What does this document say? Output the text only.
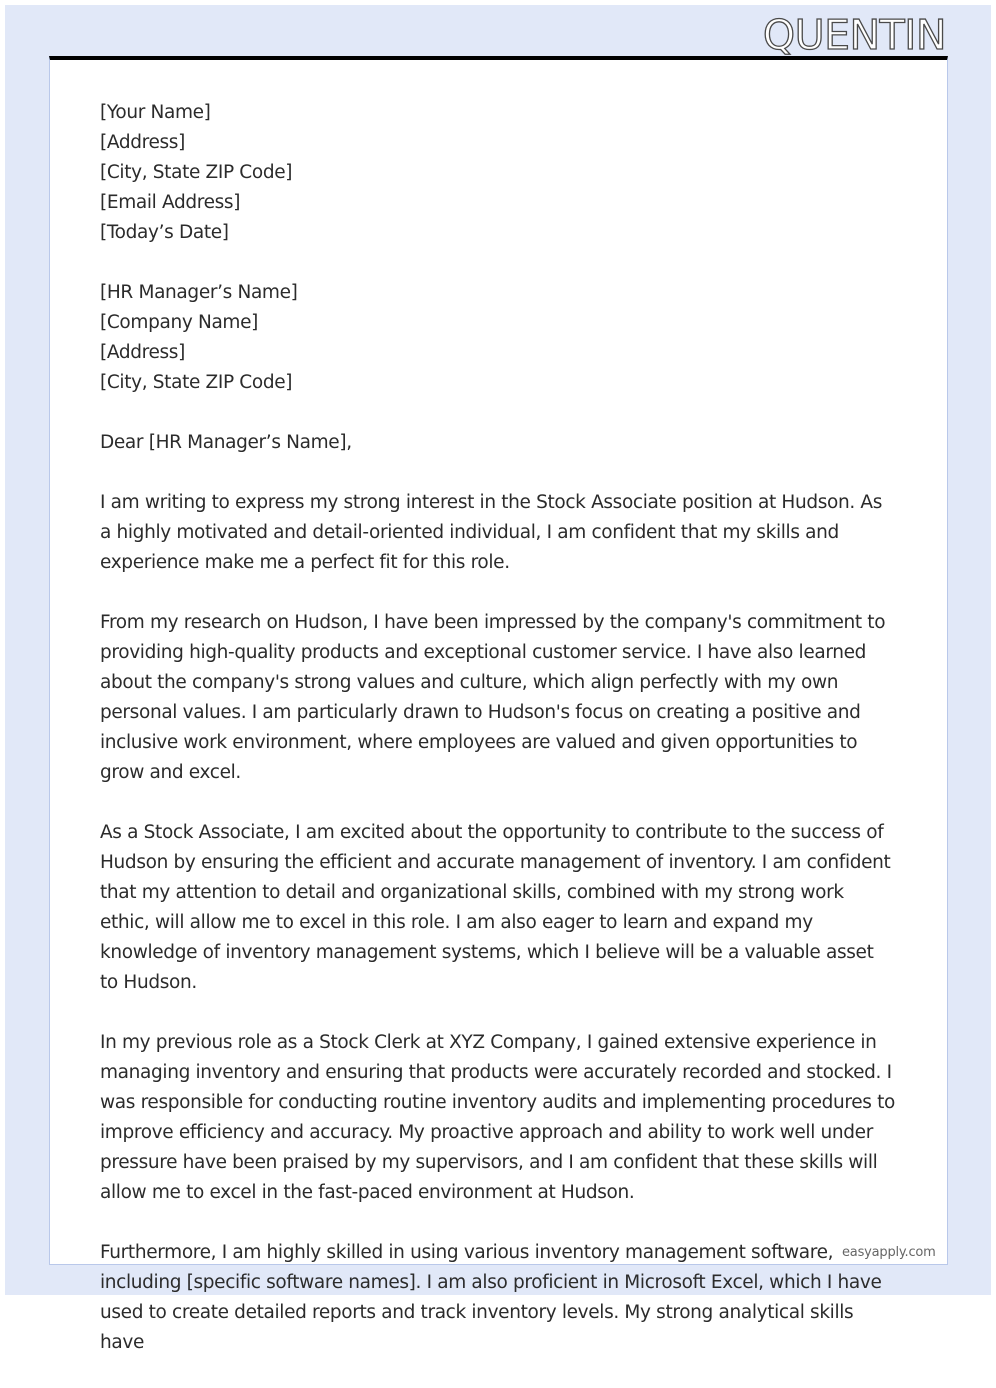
QUENTIN
[Your Name]
[Address]
[City, State ZIP Code]
[Email Address]
[Today’s Date]
[HR Manager’s Name]
[Company Name]
[Address]
[City, State ZIP Code]

Dear [HR Manager’s Name],

I am writing to express my strong interest in the Stock Associate position at Hudson. As a highly motivated and detail-oriented individual, I am confident that my skills and experience make me a perfect fit for this role.

From my research on Hudson, I have been impressed by the company's commitment to providing high-quality products and exceptional customer service. I have also learned about the company's strong values and culture, which align perfectly with my own personal values. I am particularly drawn to Hudson's focus on creating a positive and inclusive work environment, where employees are valued and given opportunities to grow and excel.

As a Stock Associate, I am excited about the opportunity to contribute to the success of Hudson by ensuring the efficient and accurate management of inventory. I am confident that my attention to detail and organizational skills, combined with my strong work ethic, will allow me to excel in this role. I am also eager to learn and expand my knowledge of inventory management systems, which I believe will be a valuable asset to Hudson.

In my previous role as a Stock Clerk at XYZ Company, I gained extensive experience in managing inventory and ensuring that products were accurately recorded and stocked. I was responsible for conducting routine inventory audits and implementing procedures to improve efficiency and accuracy. My proactive approach and ability to work well under pressure have been praised by my supervisors, and I am confident that these skills will allow me to excel in the fast-paced environment at Hudson.

Furthermore, I am highly skilled in using various inventory management software, including [specific software names]. I am also proficient in Microsoft Excel, which I have used to create detailed reports and track inventory levels. My strong analytical skills have

easyapply.com
